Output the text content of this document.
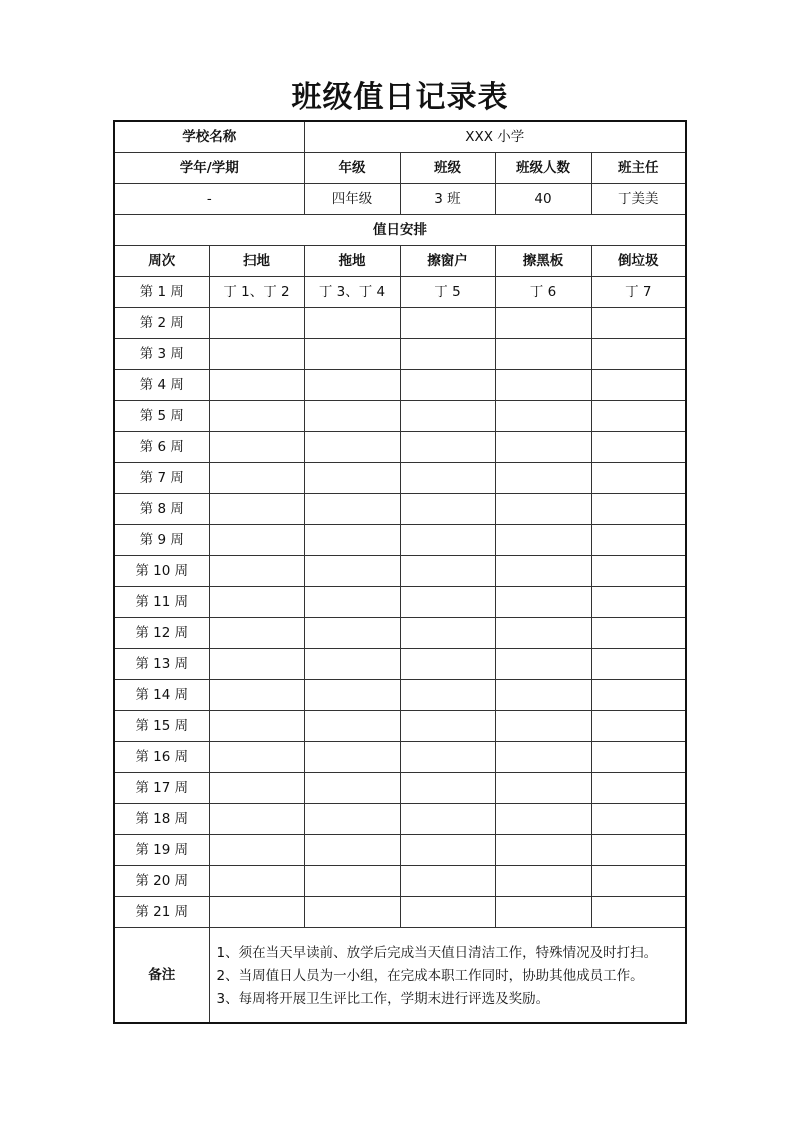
班级值日记录表
学校名称		XXX 小学			
学年/学期		年级	班级	班级人数	班主任
-		四年级	3 班	40	丁美美
值日安排					
周次	扫地	拖地	擦窗户	擦黑板	倒垃圾
第 1 周	丁 1、丁 2	丁 3、丁 4	丁 5	丁 6	丁 7
第 2 周					
第 3 周					
第 4 周					
第 5 周					
第 6 周					
第 7 周					
第 8 周					
第 9 周					
第 10 周					
第 11 周					
第 12 周					
第 13 周					
第 14 周					
第 15 周					
第 16 周					
第 17 周					
第 18 周					
第 19 周					
第 20 周					
第 21 周					
备注	1、须在当天早读前、放学后完成当天值日清洁工作，特殊情况及时打扫。
2、当周值日人员为一小组，在完成本职工作同时，协助其他成员工作。
3、每周将开展卫生评比工作，学期末进行评选及奖励。				
